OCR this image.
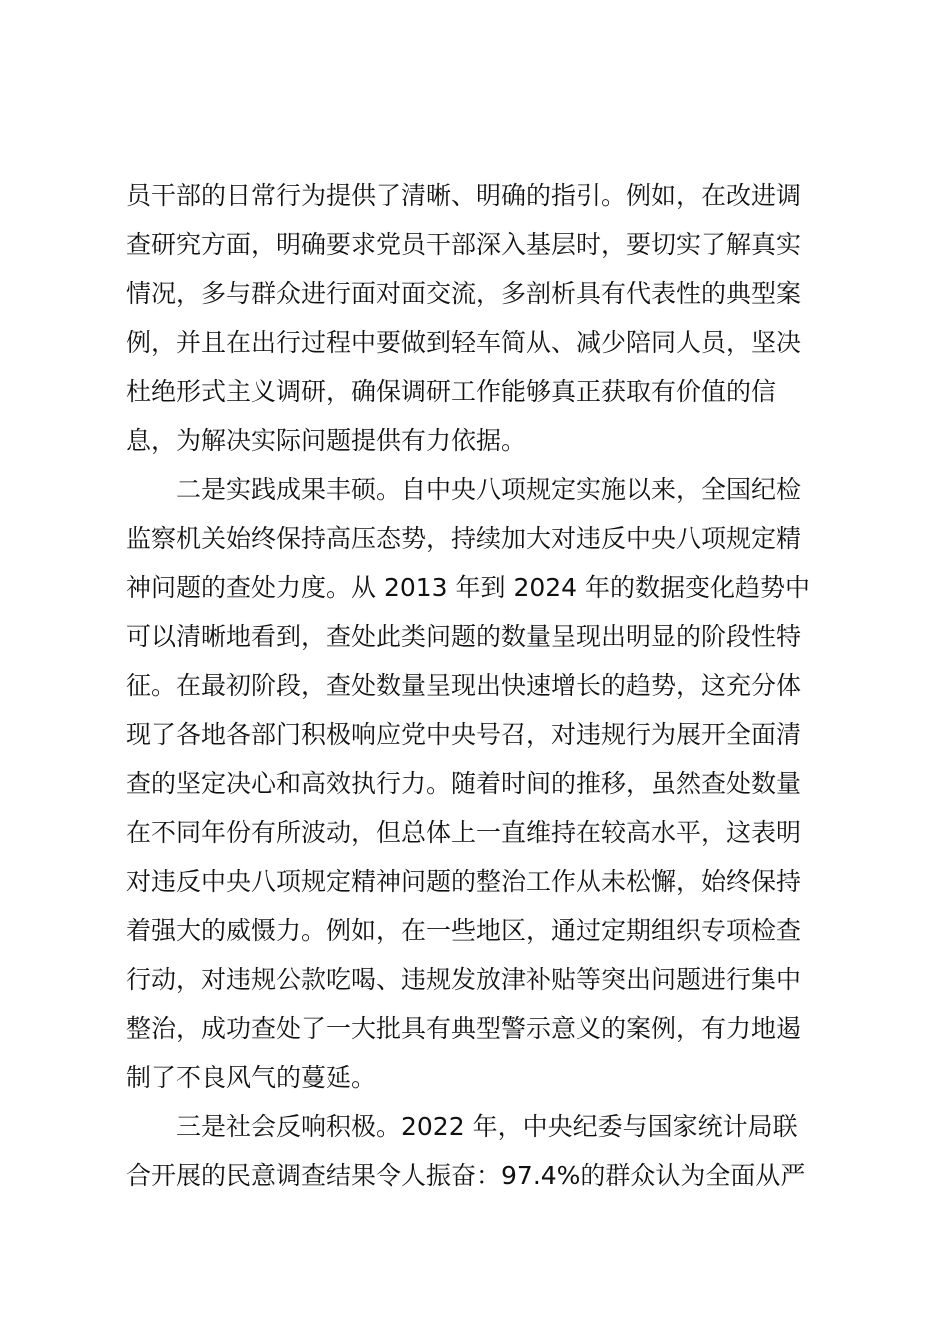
员干部的日常行为提供了清晰、明确的指引。例如，在改进调
查研究方面，明确要求党员干部深入基层时，要切实了解真实
情况，多与群众进行面对面交流，多剖析具有代表性的典型案
例，并且在出行过程中要做到轻车简从、减少陪同人员，坚决
杜绝形式主义调研，确保调研工作能够真正获取有价值的信
息，为解决实际问题提供有力依据。
二是实践成果丰硕。自中央八项规定实施以来，全国纪检
监察机关始终保持高压态势，持续加大对违反中央八项规定精
神问题的查处力度。从 2013 年到 2024 年的数据变化趋势中
可以清晰地看到，查处此类问题的数量呈现出明显的阶段性特
征。在最初阶段，查处数量呈现出快速增长的趋势，这充分体
现了各地各部门积极响应党中央号召，对违规行为展开全面清
查的坚定决心和高效执行力。随着时间的推移，虽然查处数量
在不同年份有所波动，但总体上一直维持在较高水平，这表明
对违反中央八项规定精神问题的整治工作从未松懈，始终保持
着强大的威慑力。例如，在一些地区，通过定期组织专项检查
行动，对违规公款吃喝、违规发放津补贴等突出问题进行集中
整治，成功查处了一大批具有典型警示意义的案例，有力地遏
制了不良风气的蔓延。
三是社会反响积极。2022 年，中央纪委与国家统计局联
合开展的民意调查结果令人振奋：97.4%的群众认为全面从严
